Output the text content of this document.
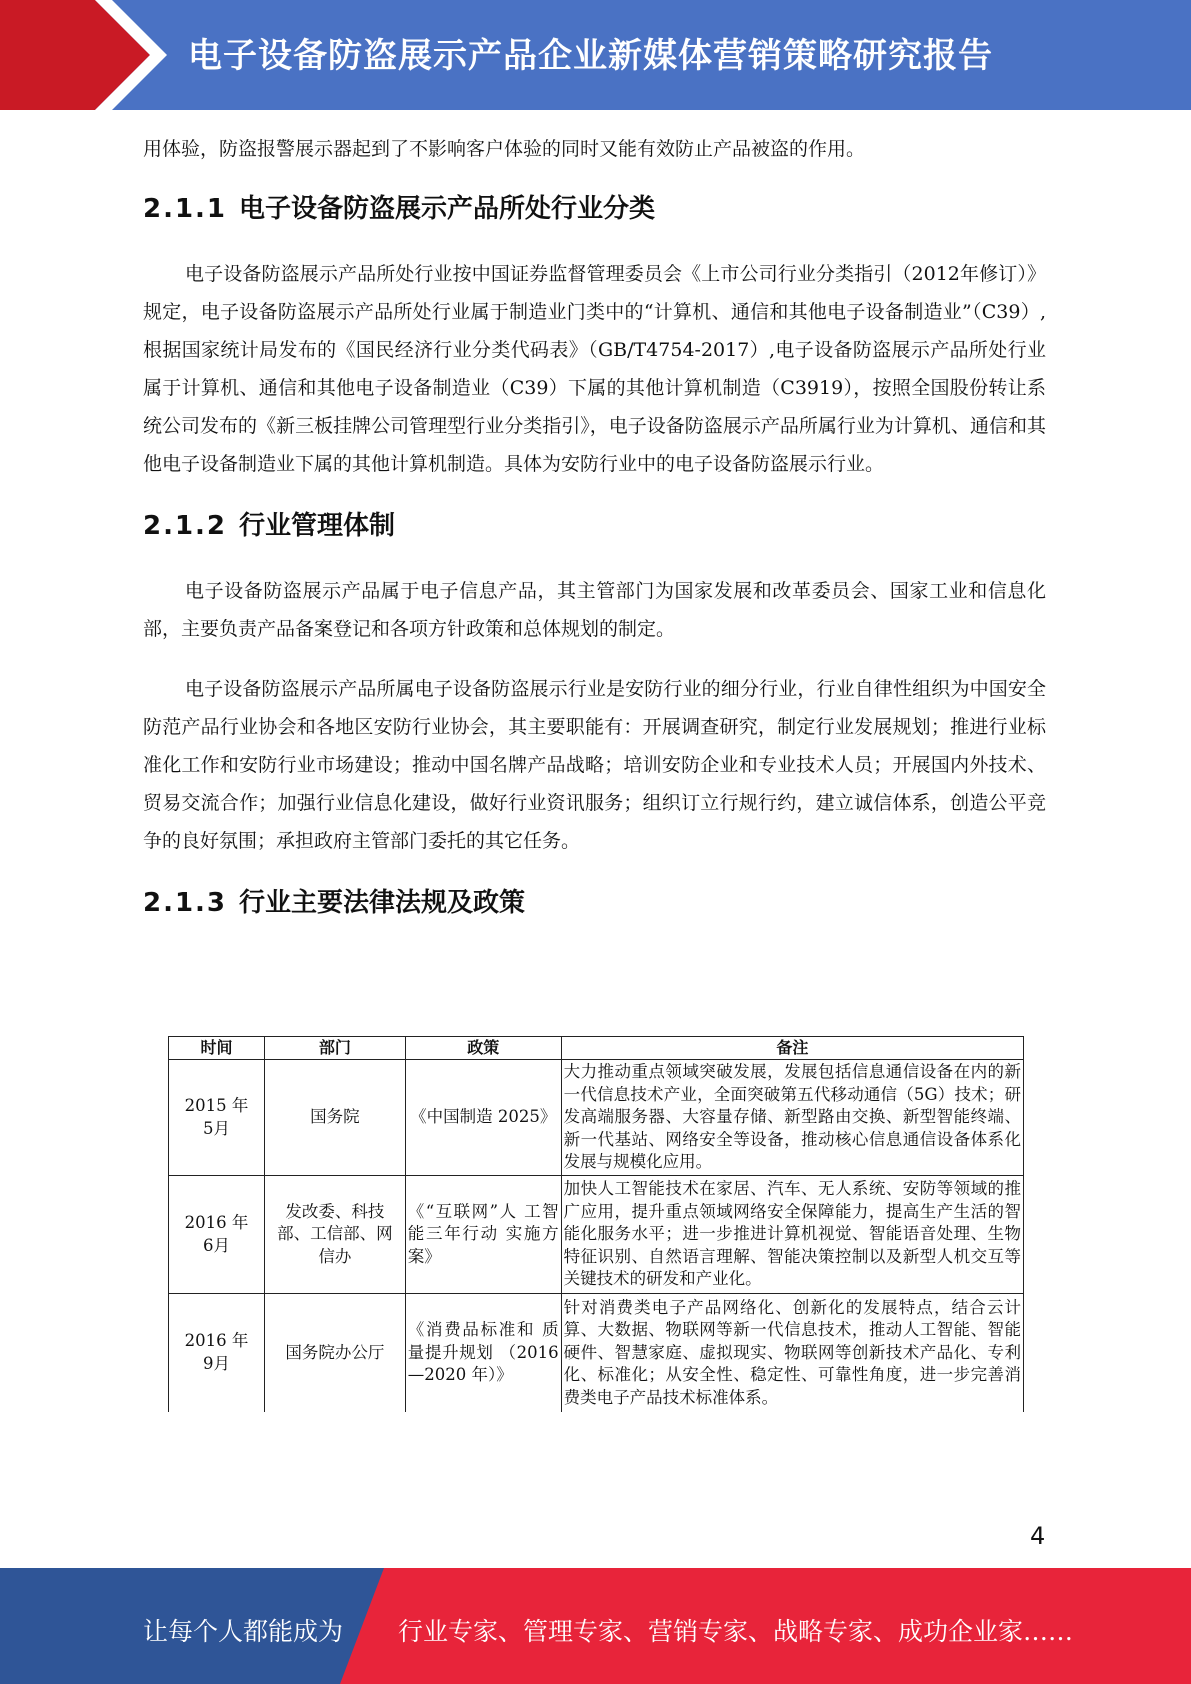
电子设备防盗展示产品企业新媒体营销策略研究报告

用体验，防盗报警展示器起到了不影响客户体验的同时又能有效防止产品被盗的作用。

2.1.1 电子设备防盗展示产品所处行业分类

电子设备防盗展示产品所处行业按中国证券监督管理委员会《上市公司行业分类指引（2012年修订）》规定，电子设备防盗展示产品所处行业属于制造业门类中的“计算机、通信和其他电子设备制造业”（C39）,根据国家统计局发布的《国民经济行业分类代码表》（GB/T4754-2017）,电子设备防盗展示产品所处行业属于计算机、通信和其他电子设备制造业（C39）下属的其他计算机制造（C3919），按照全国股份转让系统公司发布的《新三板挂牌公司管理型行业分类指引》，电子设备防盗展示产品所属行业为计算机、通信和其他电子设备制造业下属的其他计算机制造。具体为安防行业中的电子设备防盗展示行业。

2.1.2 行业管理体制

电子设备防盗展示产品属于电子信息产品，其主管部门为国家发展和改革委员会、国家工业和信息化部，主要负责产品备案登记和各项方针政策和总体规划的制定。

电子设备防盗展示产品所属电子设备防盗展示行业是安防行业的细分行业，行业自律性组织为中国安全防范产品行业协会和各地区安防行业协会，其主要职能有：开展调查研究，制定行业发展规划；推进行业标准化工作和安防行业市场建设；推动中国名牌产品战略；培训安防企业和专业技术人员；开展国内外技术、贸易交流合作；加强行业信息化建设，做好行业资讯服务；组织订立行规行约，建立诚信体系，创造公平竞争的良好氛围；承担政府主管部门委托的其它任务。

2.1.3 行业主要法律法规及政策
时间	部门	政策	备注
2015 年 5月	国务院	《中国制造 2025》	大力推动重点领域突破发展，发展包括信息通信设备在内的新一代信息技术产业，全面突破第五代移动通信（5G）技术；研发高端服务器、大容量存储、新型路由交换、新型智能终端、新一代基站、网络安全等设备，推动核心信息通信设备体系化发展与规模化应用。
2016 年 6月	发改委、科技部、工信部、网信办	《“互联网”人 工智能三年行动 实施方案》	加快人工智能技术在家居、汽车、无人系统、安防等领域的推广应用，提升重点领域网络安全保障能力，提高生产生活的智能化服务水平；进一步推进计算机视觉、智能语音处理、生物特征识别、自然语言理解、智能决策控制以及新型人机交互等关键技术的研发和产业化。
2016 年 9月	国务院办公厅	《消费品标准和 质量提升规划 （2016—2020 年）》	针对消费类电子产品网络化、创新化的发展特点，结合云计算、大数据、物联网等新一代信息技术，推动人工智能、智能硬件、智慧家庭、虚拟现实、物联网等创新技术产品化、专利化、标准化；从安全性、稳定性、可靠性角度，进一步完善消费类电子产品技术标准体系。
4
让每个人都能成为 行业专家、管理专家、营销专家、战略专家、成功企业家……
